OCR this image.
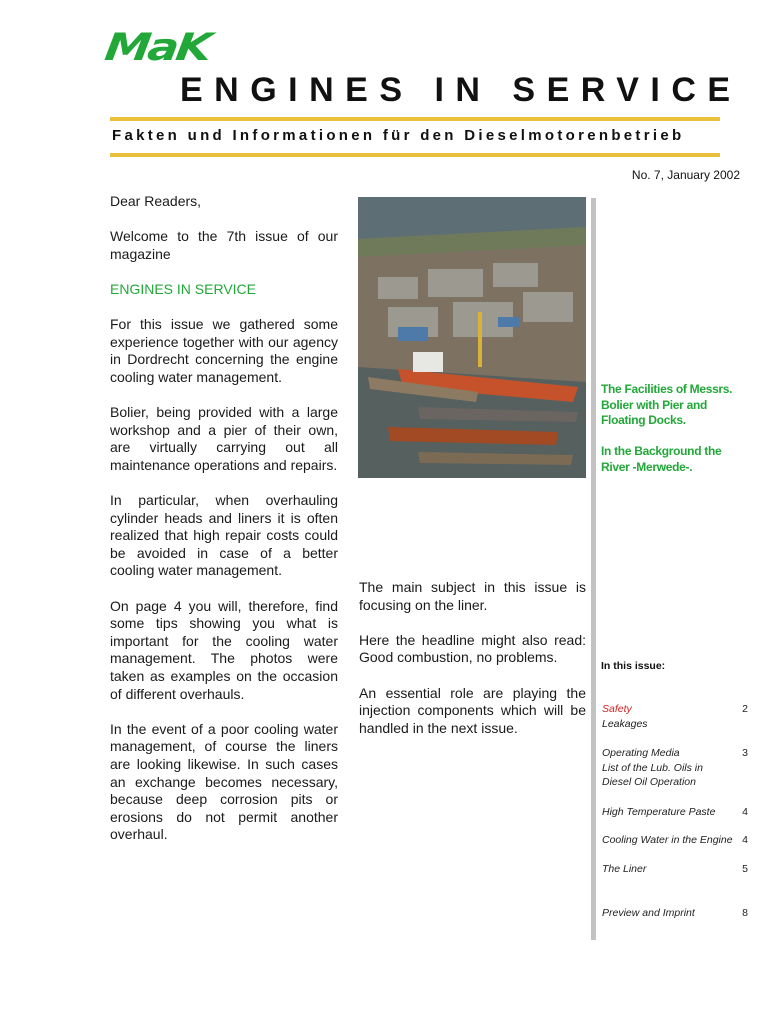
MaK
ENGINES IN SERVICE
Fakten und Informationen für den Dieselmotorenbetrieb
No. 7, January 2002

Dear Readers,

Welcome to the 7th issue of our magazine

ENGINES IN SERVICE

For this issue we gathered some experience together with our agency in Dordrecht concerning the engine cooling water management.

Bolier, being provided with a large workshop and a pier of their own, are virtually carrying out all maintenance operations and repairs.

In particular, when overhauling cylinder heads and liners it is often realized that high repair costs could be avoided in case of a better cooling water management.

On page 4 you will, therefore, find some tips showing you what is important for the cooling water management. The photos were taken as examples on the occasion of different overhauls.

In the event of a poor cooling water management, of course the liners are looking likewise. In such cases an exchange becomes necessary, because deep corrosion pits or erosions do not permit another overhaul.

The main subject in this issue is focusing on the liner.

Here the headline might also read: Good combustion, no problems.

An essential role are playing the injection components which will be handled in the next issue.

The Facilities of Messrs. Bolier with Pier and Floating Docks.

In the Background the River -Merwede-.

In this issue:
Safety	2
Leakages
Operating Media	3
List of the Lub. Oils in Diesel Oil Operation
High Temperature Paste	4
Cooling Water in the Engine 4
The Liner	5
Preview and Imprint	8
